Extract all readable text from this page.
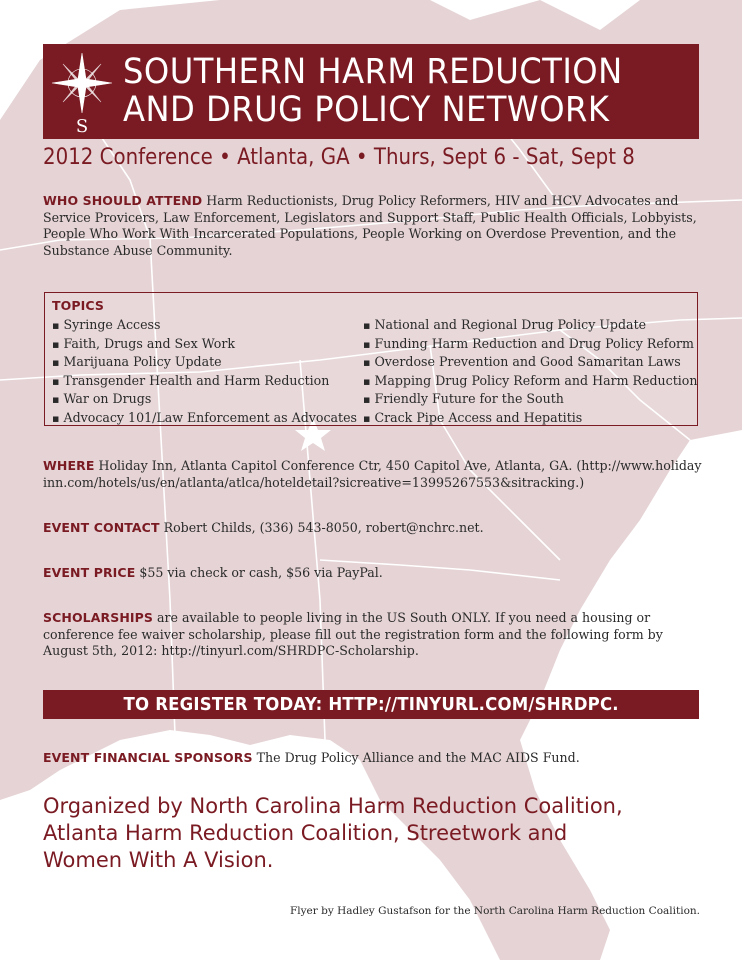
S
SOUTHERN HARM REDUCTION
AND DRUG POLICY NETWORK
2012 Conference • Atlanta, GA • Thurs, Sept 6 - Sat, Sept 8

WHO SHOULD ATTEND Harm Reductionists, Drug Policy Reformers, HIV and HCV Advocates and Service Provicers, Law Enforcement, Legislators and Support Staff, Public Health Officials, Lobbyists, People Who Work With Incarcerated Populations, People Working on Overdose Prevention, and the Substance Abuse Community.

TOPICS
▪ Syringe Access
▪ Faith, Drugs and Sex Work
▪ Marijuana Policy Update
▪ Transgender Health and Harm Reduction
▪ War on Drugs
▪ Advocacy 101/Law Enforcement as Advocates
▪ National and Regional Drug Policy Update
▪ Funding Harm Reduction and Drug Policy Reform
▪ Overdose Prevention and Good Samaritan Laws
▪ Mapping Drug Policy Reform and Harm Reduction
▪ Friendly Future for the South
▪ Crack Pipe Access and Hepatitis

WHERE Holiday Inn, Atlanta Capitol Conference Ctr, 450 Capitol Ave, Atlanta, GA. (http://www.holidayinn.com/hotels/us/en/atlanta/atlca/hoteldetail?sicreative=13995267553&sitracking.)

EVENT CONTACT Robert Childs, (336) 543-8050, robert@nchrc.net.

EVENT PRICE $55 via check or cash, $56 via PayPal.

SCHOLARSHIPS are available to people living in the US South ONLY. If you need a housing or conference fee waiver scholarship, please fill out the registration form and the following form by August 5th, 2012: http://tinyurl.com/SHRDPC-Scholarship.

TO REGISTER TODAY: HTTP://TINYURL.COM/SHRDPC.

EVENT FINANCIAL SPONSORS The Drug Policy Alliance and the MAC AIDS Fund.

Organized by North Carolina Harm Reduction Coalition,
Atlanta Harm Reduction Coalition, Streetwork and
Women With A Vision.
Flyer by Hadley Gustafson for the North Carolina Harm Reduction Coalition.
